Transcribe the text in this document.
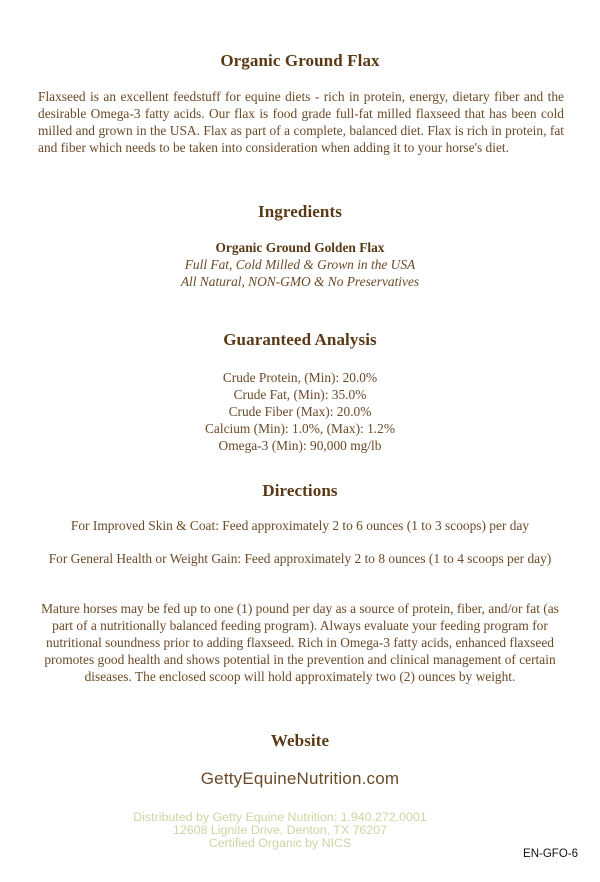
Organic Ground Flax
Flaxseed is an excellent feedstuff for equine diets - rich in protein, energy, dietary fiber and the desirable Omega-3 fatty acids. Our flax is food grade full-fat milled flaxseed that has been cold milled and grown in the USA. Flax as part of a complete, balanced diet. Flax is rich in protein, fat and fiber which needs to be taken into consideration when adding it to your horse's diet.
Ingredients
Organic Ground Golden Flax
Full Fat, Cold Milled & Grown in the USA
All Natural, NON-GMO & No Preservatives
Guaranteed Analysis
Crude Protein, (Min): 20.0%
Crude Fat, (Min): 35.0%
Crude Fiber (Max): 20.0%
Calcium (Min): 1.0%, (Max): 1.2%
Omega-3 (Min): 90,000 mg/lb
Directions
For Improved Skin & Coat: Feed approximately 2 to 6 ounces (1 to 3 scoops) per day
For General Health or Weight Gain: Feed approximately 2 to 8 ounces (1 to 4 scoops per day)
Mature horses may be fed up to one (1) pound per day as a source of protein, fiber, and/or fat (as part of a nutritionally balanced feeding program). Always evaluate your feeding program for nutritional soundness prior to adding flaxseed. Rich in Omega-3 fatty acids, enhanced flaxseed promotes good health and shows potential in the prevention and clinical management of certain diseases. The enclosed scoop will hold approximately two (2) ounces by weight.
Website
GettyEquineNutrition.com
Distributed by Getty Equine Nutrition: 1.940.272.0001
12608 Lignite Drive, Denton, TX 76207
Certified Organic by NICS
EN-GFO-6
